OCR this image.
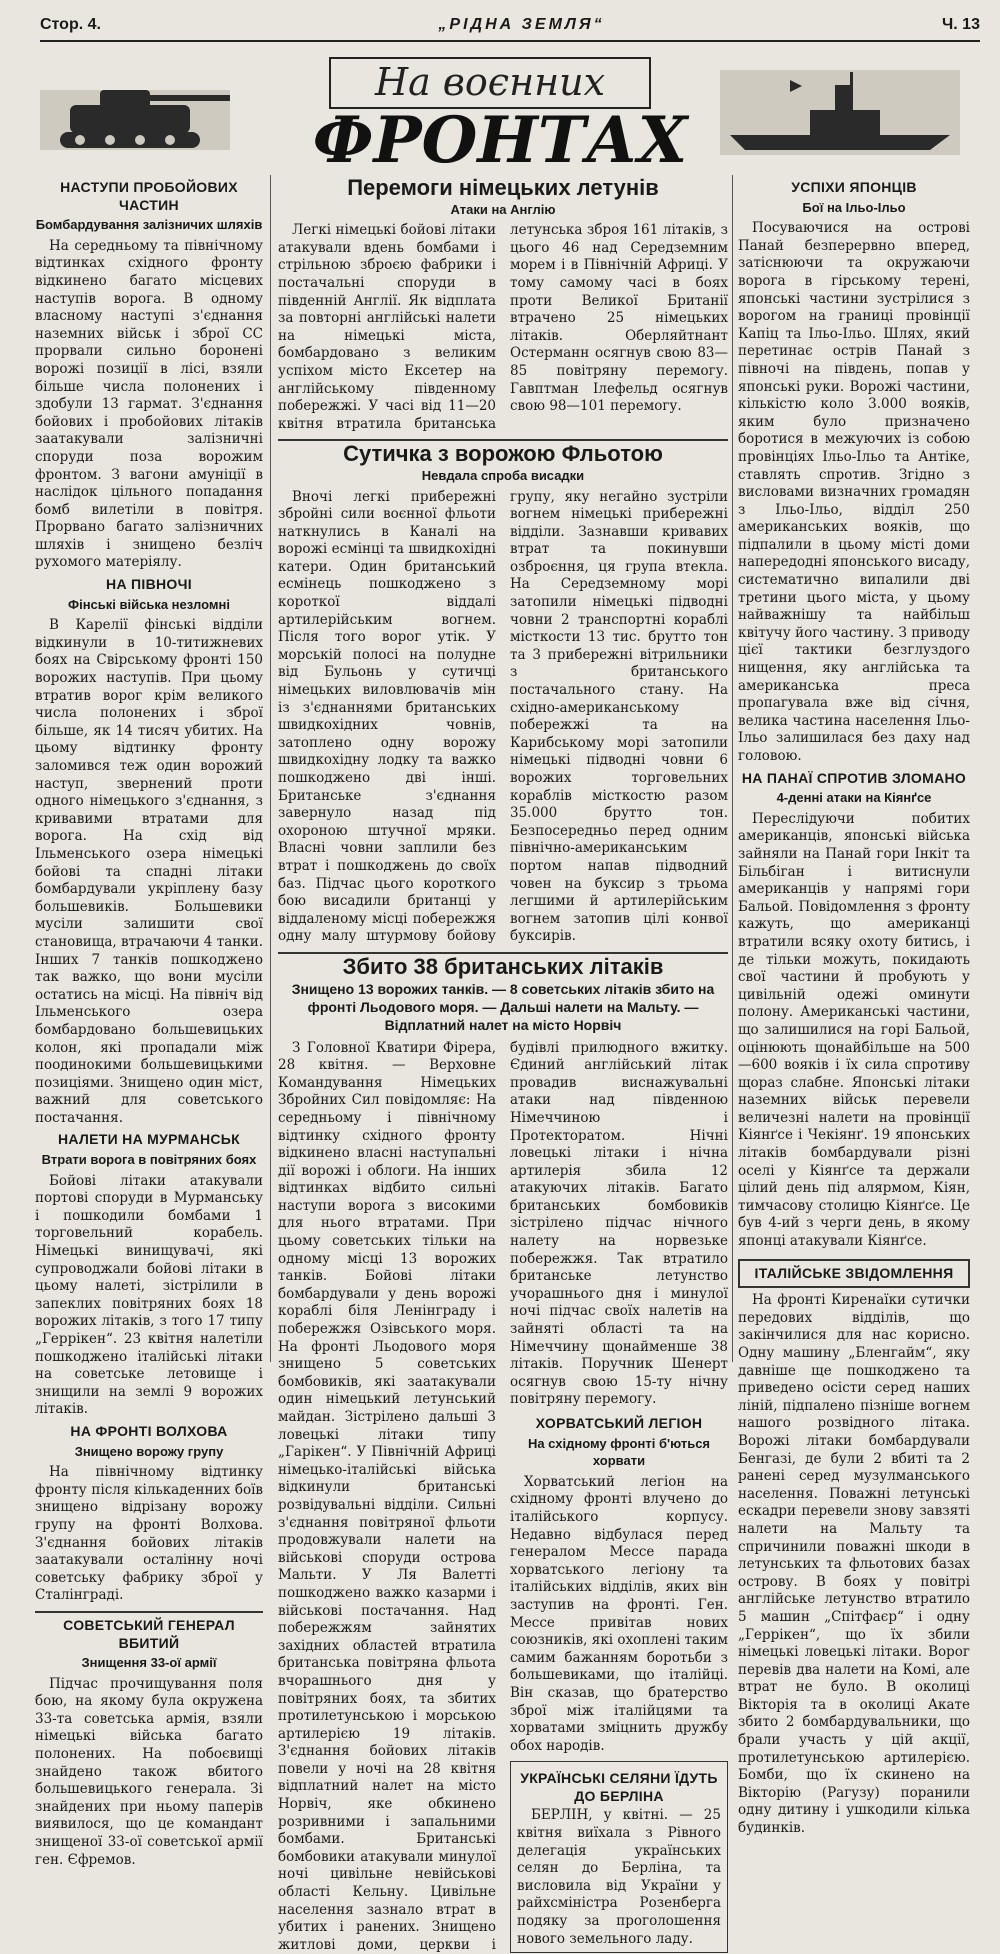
Стор. 4.	„РІДНА ЗЕМЛЯ“	Ч. 13
На воєнних
ФРОНТАХ
НАСТУПИ ПРОБОЙОВИХ ЧАСТИН
Бомбардування залізничих шляхів

На середньому та північному відтинках східного фронту відкинено багато місцевих наступів ворога. В одному власному наступі з'єднання наземних військ і зброї СС прорвали сильно боронені ворожі позиції в лісі, взяли більше числа полонених і здобули 13 гармат. З'єднання бойових і пробойових літаків заатакували залізничні споруди поза ворожим фронтом. З вагони амуніції в наслідок цільного попадання бомб вилетіли в повітря. Прорвано багато залізничних шляхів і знищено безліч рухомого матеріялу.

НА ПІВНОЧІ
Фінські війська незломні

В Карелії фінські відділи відкинули в 10-титижневих боях на Свірському фронті 150 ворожих наступів. При цьому втратив ворог крім великого числа полонених і зброї більше, як 14 тисяч убитих. На цьому відтинку фронту заломився теж один ворожий наступ, звернений проти одного німецького з'єднання, з кривавими втратами для ворога. На схід від Ільменського озера німецькі бойові та спадні літаки бомбардували укріплену базу большевиків. Большевики мусіли залишити свої становища, втрачаючи 4 танки. Інших 7 танків пошкоджено так важко, що вони мусіли остатись на місці. На північ від Ільменського озера бомбардовано большевицьких колон, які пропадали між поодинокими большевицькими позиціями. Знищено один міст, важний для советського постачання.

НАЛЕТИ НА МУРМАНСЬК
Втрати ворога в повітряних боях

Бойові літаки атакували портові споруди в Мурманську і пошкодили бомбами 1 торговельний корабель. Німецькі винищувачі, які супроводжали бойові літаки в цьому налеті, зістрілили в запеклих повітряних боях 18 ворожих літаків, з того 17 типу „Геррікен“. 23 квітня налетіли пошкоджено італійські літаки на советське летовище і знищили на землі 9 ворожих літаків.

НА ФРОНТІ ВОЛХОВА
Знищено ворожу групу

На північному відтинку фронту після кількаденних боїв знищено відрізану ворожу групу на фронті Волхова. З'єднання бойових літаків заатакували осталінну ночі советську фабрику зброї у Сталінграді.

СОВЕТСЬКИЙ ГЕНЕРАЛ ВБИТИЙ
Знищення 33-ої армії

Підчас прочищування поля бою, на якому була окружена 33-та советська армія, взяли німецькі війська багато полонених. На побоєвищі знайдено також вбитого большевицького генерала. Зі знайдених при ньому паперів виявилося, що це командант знищеної 33-ої советської армії ген. Єфремов.

Перемоги німецьких летунів
Атаки на Англію

Легкі німецькі бойові літаки атакували вдень бомбами і стрільною зброєю фабрики і постачальні споруди в південній Англії. Як відплата за повторні англійські налети на німецькі міста, бомбардовано з великим успіхом місто Ексетер на англійському південному побережжі. У часі від 11—20 квітня втратила британська летунська зброя 161 літаків, з цього 46 над Середземним морем і в Північній Африці. У тому самому часі в боях проти Великої Британії втрачено 25 німецьких літаків. Оберляйтнант Остерманн осягнув свою 83—85 повітряну перемогу. Гавптман Ілефельд осягнув свою 98—101 перемогу.

Сутичка з ворожою Фльотою
Невдала спроба висадки

Вночі легкі прибережні збройні сили воєнної фльоти наткнулись в Каналі на ворожі есмінці та швидкохідні катери. Один британський есмінець пошкоджено з короткої віддалі артилерійським вогнем. Після того ворог утік. У морській полосі на полудне від Бульонь у сутичці німецьких виловлювачів мін із з'єднаннями британських швидкохідних човнів, затоплено одну ворожу швидкохідну лодку та важко пошкоджено дві інші. Британське з'єднання завернуло назад під охороною штучної мряки. Власні човни заплили без втрат і пошкоджень до своїх баз. Підчас цього короткого бою висадили британці у віддаленому місці побережжя одну малу штурмову бойову групу, яку негайно зустріли вогнем німецькі прибережні відділи. Зазнавши кривавих втрат та покинувши озброєння, ця група втекла. На Середземному морі затопили німецькі підводні човни 2 транспортні кораблі місткости 13 тис. брутто тон та 3 прибережні вітрильники з британського постачального стану. На східно-американському побережжі та на Карибському морі затопили німецькі підводні човни 6 ворожих торговельних кораблів місткостю разом 35.000 брутто тон. Безпосередньо перед одним північно-американським портом напав підводний човен на буксир з трьома легшими й артилерійським вогнем затопив цілі конвої буксирів.

Збито 38 британських літаків
Знищено 13 ворожих танків. — 8 советських літаків збито на фронті Льодового моря. — Дальші налети на Мальту. — Відплатний налет на місто Норвіч

З Головної Кватири Фірера, 28 квітня. — Верховне Командування Німецьких Збройних Сил повідомляє: На середньому і північному відтинку східного фронту відкинено власні наступальні дії ворожі і облоги. На інших відтинках відбито сильні наступи ворога з високими для нього втратами. При цьому советських тільки на одному місці 13 ворожих танків. Бойові літаки бомбардували у день ворожі кораблі біля Ленінграду і побережжя Озівського моря. На фронті Льодового моря знищено 5 советських бомбовиків, які заатакували один німецький летунський майдан. Зістрілено дальші 3 ловецькі літаки типу „Гарікен“. У Північній Африці німецько-італійські війська відкинули британські розвідувальні відділи. Сильні з'єднання повітряної фльоти продовжували налети на військові споруди острова Мальти. У Ля Валетті пошкоджено важко казарми і військові постачання. Над побережжям зайнятих західних областей втратила британська повітряна фльота вчорашнього дня у повітряних боях, та збитих протилетунською і морською артилерією 19 літаків. З'єднання бойових літаків повели у ночі на 28 квітня відплатний налет на місто Норвіч, яке обкинено розривними і запальними бомбами. Британські бомбовики атакували минулої ночі цивільне невійськові області Кельну. Цивільне населення зазнало втрат в убитих і ранених. Знищено житлові доми, церкви і будівлі прилюдного вжитку. Єдиний англійський літак провадив виснажувальні атаки над південною Німеччиною і Протекторатом. Нічні ловецькі літаки і нічна артилерія збила 12 атакуючих літаків. Багато британських бомбовиків зістрілено підчас нічного налету на норвезьке побережжя. Так втратило британське летунство учорашнього дня і минулої ночі підчас своїх налетів на зайняті області та на Німеччину щонайменше 38 літаків. Поручник Шенерт осягнув свою 15-ту нічну повітряну перемогу.

ХОРВАТСЬКИЙ ЛЕГІОН
На східному фронті б'ються хорвати

Хорватський легіон на східному фронті влучено до італійського корпусу. Недавно відбулася перед генералом Мессе парада хорватського легіону та італійських відділів, яких він заступив на фронті. Ген. Мессе привітав нових союзників, які охоплені таким самим бажанням боротьби з большевиками, що італійці. Він сказав, що братерство зброї між італійцями та хорватами зміцнить дружбу обох народів.

УКРАЇНСЬКІ СЕЛЯНИ ЇДУТЬ ДО БЕРЛІНА

БЕРЛІН, у квітні. — 25 квітня виїхала з Рівного делегація українських селян до Берліна, та висловила від України у райхсміністра Розенберга подяку за проголошення нового земельного ладу.

УСПІХИ ЯПОНЦІВ
Бої на Ільо-Ільо

Посуваючися на острові Панай безперервно вперед, затіснюючи та окружаючи ворога в гірському терені, японські частини зустрілися з ворогом на границі провінції Капіц та Ільо-Ільо. Шлях, який перетинає острів Панай з півночі на південь, попав у японські руки. Ворожі частини, кількістю коло 3.000 вояків, яким було призначено боротися в межуючих із собою провінціях Ільо-Ільо та Антіке, ставлять спротив. Згідно з висловами визначних громадян з Ільо-Ільо, відділ 250 американських вояків, що підпалили в цьому місті доми напередодні японського висаду, систематично випалили дві третини цього міста, у цьому найважнішу та найбільш квітучу його частину. З приводу цієї тактики безглуздого нищення, яку англійська та американська преса пропагувала вже від січня, велика частина населення Ільо-Ільо залишилася без даху над головою.

НА ПАНАЇ СПРОТИВ ЗЛОМАНО
4-денні атаки на Кіянґсе

Переслідуючи побитих американців, японські війська зайняли на Панай гори Інкіт та Більбіган і витиснули американців у напрямі гори Бальой. Повідомлення з фронту кажуть, що американці втратили всяку охоту битись, і де тільки можуть, покидають свої частини й пробують у цивільній одежі оминути полону. Американські частини, що залишилися на горі Бальой, оцінюють щонайбільше на 500—600 вояків і їх сила спротиву щораз слабне. Японські літаки наземних військ перевели величезні налети на провінції Кіянґсе і Чекіянґ. 19 японських літаків бомбардували різні оселі у Кіянґсе та держали цілий день під алярмом, Кіян, тимчасову столицю Кіянґсе. Це був 4-ий з черги день, в якому японці атакували Кіянґсе.

ІТАЛІЙСЬКЕ ЗВІДОМЛЕННЯ

На фронті Киренаїки сутички передових відділів, що закінчилися для нас корисно. Одну машину „Бленгайм“, яку давніше ще пошкоджено та приведено осісти серед наших ліній, підпалено пізніше вогнем нашого розвідного літака. Ворожі літаки бомбардували Бенгазі, де були 2 вбиті та 2 ранені серед музулманського населення. Поважні летунські ескадри перевели знову завзяті налети на Мальту та спричинили поважні шкоди в летунських та фльотових базах острову. В боях у повітрі англійське летунство втратило 5 машин „Спітфаєр“ і одну „Геррікен“, що їх збили німецькі ловецькі літаки. Ворог перевів два налети на Комі, але втрат не було. В околиці Вікторія та в околиці Акате збито 2 бомбардувальники, що брали участь у цій акції, протилетунською артилерією. Бомби, що їх скинено на Вікторію (Рагузу) поранили одну дитину і ушкодили кілька будинків.
